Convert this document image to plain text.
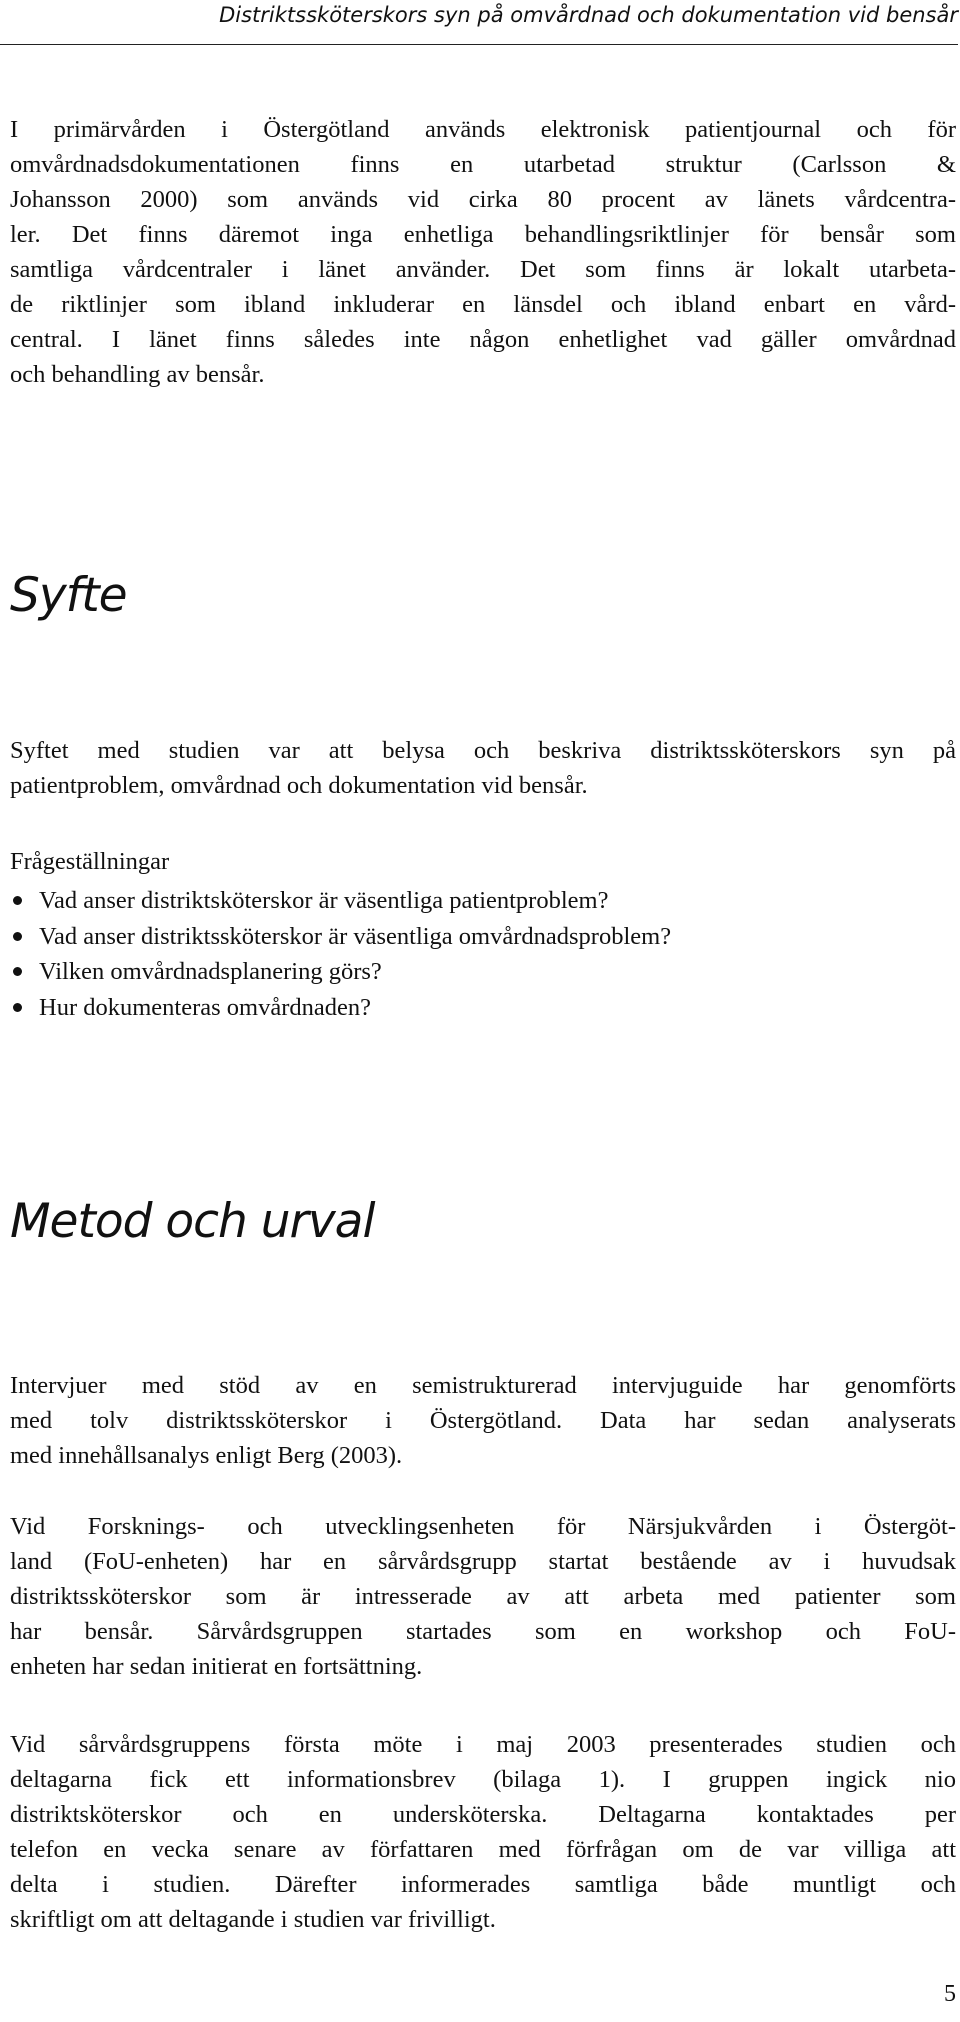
Distriktssköterskors syn på omvårdnad och dokumentation vid bensår
I primärvården i Östergötland används elektronisk patientjournal och för
omvårdnadsdokumentationen finns en utarbetad struktur (Carlsson &
Johansson 2000) som används vid cirka 80 procent av länets vårdcentra-
ler. Det finns däremot inga enhetliga behandlingsriktlinjer för bensår som
samtliga vårdcentraler i länet använder. Det som finns är lokalt utarbeta-
de riktlinjer som ibland inkluderar en länsdel och ibland enbart en vård-
central. I länet finns således inte någon enhetlighet vad gäller omvårdnad
och behandling av bensår.
Syfte
Syftet med studien var att belysa och beskriva distriktssköterskors syn på
patientproblem, omvårdnad och dokumentation vid bensår.
Frågeställningar
Vad anser distriktsköterskor är väsentliga patientproblem?
Vad anser distriktssköterskor är väsentliga omvårdnadsproblem?
Vilken omvårdnadsplanering görs?
Hur dokumenteras omvårdnaden?
Metod och urval
Intervjuer med stöd av en semistrukturerad intervjuguide har genomförts
med tolv distriktssköterskor i Östergötland. Data har sedan analyserats
med innehållsanalys enligt Berg (2003).
Vid Forsknings- och utvecklingsenheten för Närsjukvården i Östergöt-
land (FoU-enheten) har en sårvårdsgrupp startat bestående av i huvudsak
distriktssköterskor som är intresserade av att arbeta med patienter som
har bensår. Sårvårdsgruppen startades som en workshop och FoU-
enheten har sedan initierat en fortsättning.
Vid sårvårdsgruppens första möte i maj 2003 presenterades studien och
deltagarna fick ett informationsbrev (bilaga 1). I gruppen ingick nio
distriktsköterskor och en undersköterska. Deltagarna kontaktades per
telefon en vecka senare av författaren med förfrågan om de var villiga att
delta i studien. Därefter informerades samtliga både muntligt och
skriftligt om att deltagande i studien var frivilligt.
5
